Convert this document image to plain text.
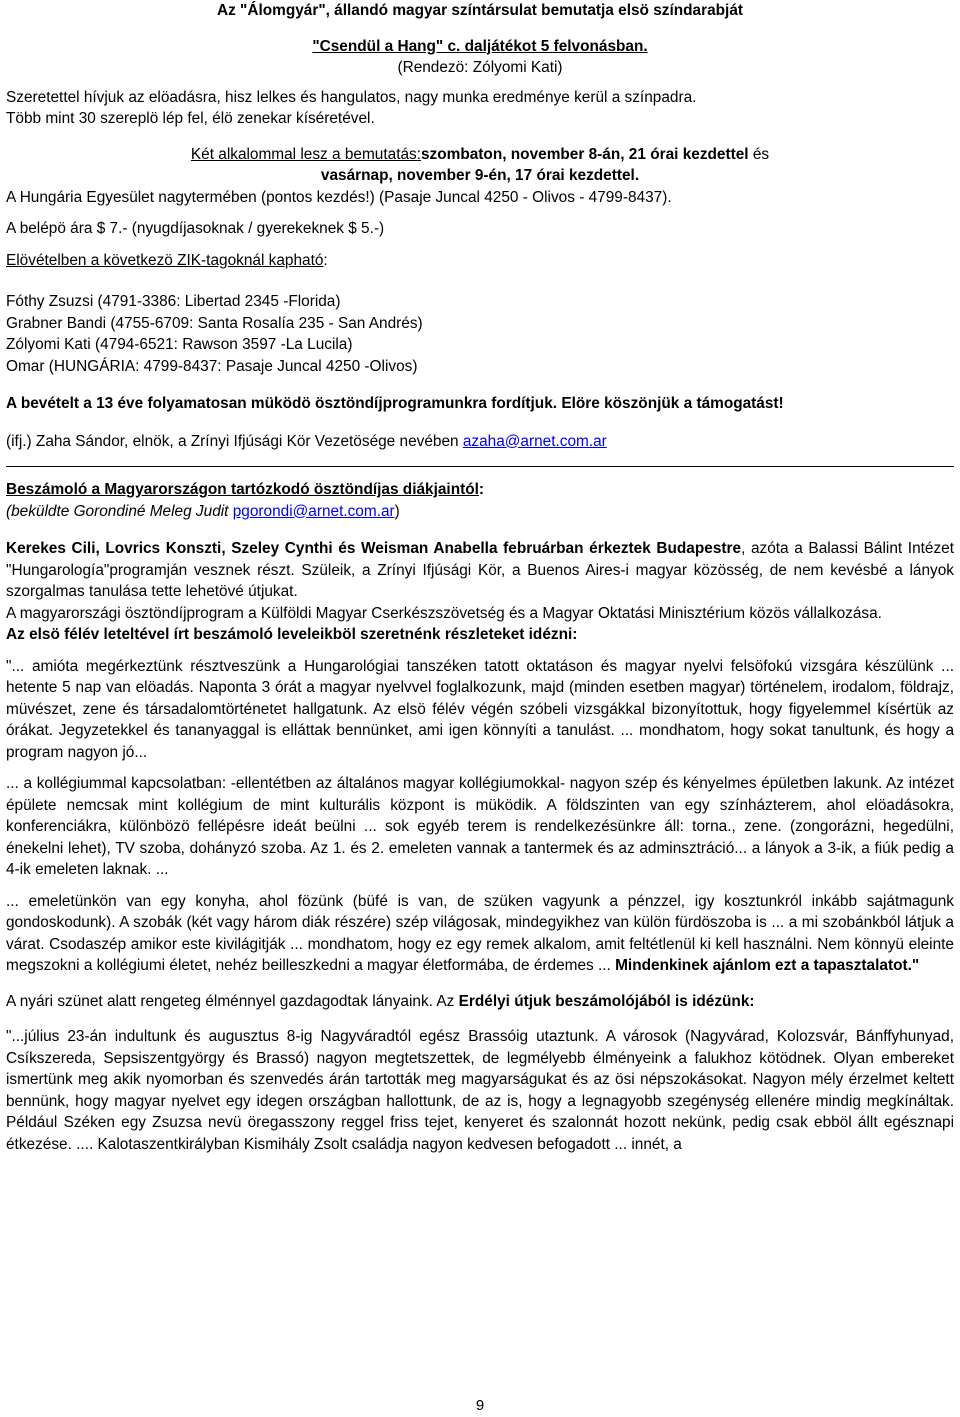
Az "Álomgyár", állandó magyar színtársulat bemutatja elsö színdarabját
"Csendül a Hang" c. daljátékot 5 felvonásban.
(Rendezö: Zólyomi Kati)
Szeretettel hívjuk az elöadásra, hisz lelkes és hangulatos, nagy munka eredménye kerül a színpadra.
Több mint 30 szereplö lép fel, élö zenekar kíséretével.
Két alkalommal lesz a bemutatás:szombaton, november 8-án, 21 órai kezdettel és
vasárnap, november 9-én, 17 órai kezdettel.
A Hungária Egyesület nagytermében (pontos kezdés!) (Pasaje Juncal 4250 - Olivos - 4799-8437).
A belépö ára $ 7.- (nyugdíjasoknak / gyerekeknek $ 5.-)
Elövételben a következö ZIK-tagoknál kapható:
Fóthy Zsuzsi (4791-3386: Libertad 2345 -Florida)
Grabner Bandi (4755-6709: Santa Rosalía 235 - San Andrés)
Zólyomi Kati (4794-6521: Rawson 3597 -La Lucila)
Omar (HUNGÁRIA: 4799-8437: Pasaje Juncal 4250 -Olivos)
A bevételt a 13 éve folyamatosan müködö ösztöndíjprogramunkra fordítjuk. Elöre köszönjük a támogatást!
(ifj.) Zaha Sándor, elnök, a Zrínyi Ifjúsági Kör Vezetösége nevében azaha@arnet.com.ar
Beszámoló a Magyarországon tartózkodó ösztöndíjas diákjaintól:
(beküldte Gorondiné Meleg Judit pgorondi@arnet.com.ar)
Kerekes Cili, Lovrics Konszti, Szeley Cynthi és Weisman Anabella februárban érkeztek Budapestre, azóta a Balassi Bálint Intézet "Hungarología"programján vesznek részt. Szüleik, a Zrínyi Ifjúsági Kör, a Buenos Aires-i magyar közösség, de nem kevésbé a lányok szorgalmas tanulása tette lehetövé útjukat.
A magyarországi ösztöndíjprogram a Külföldi Magyar Cserkészszövetség és a Magyar Oktatási Minisztérium közös vállalkozása.
Az elsö félév leteltével írt beszámoló leveleikböl szeretnénk részleteket idézni:
"... amióta megérkeztünk résztveszünk a Hungarológiai tanszéken tatott oktatáson és magyar nyelvi felsöfokú vizsgára készülünk ... hetente 5 nap van elöadás. Naponta 3 órát a magyar nyelvvel foglalkozunk, majd (minden esetben magyar) történelem, irodalom, földrajz, müvészet, zene és társadalomtörténetet hallgatunk. Az elsö félév végén szóbeli vizsgákkal bizonyítottuk, hogy figyelemmel kísértük az órákat. Jegyzetekkel és tananyaggal is elláttak bennünket, ami igen könnyíti a tanulást. ... mondhatom, hogy sokat tanultunk, és hogy a program nagyon jó...
... a kollégiummal kapcsolatban: -ellentétben az általános magyar kollégiumokkal- nagyon szép és kényelmes épületben lakunk. Az intézet épülete nemcsak mint kollégium de mint kulturális központ is müködik. A földszinten van egy színházterem, ahol elöadásokra, konferenciákra, különbözö fellépésre ideát beülni ... sok egyéb terem is rendelkezésünkre áll: torna., zene. (zongorázni, hegedülni, énekelni lehet), TV szoba, dohányzó szoba. Az 1. és 2. emeleten vannak a tantermek és az adminsztráció... a lányok a 3-ik, a fiúk pedig a 4-ik emeleten laknak. ...
... emeletünkön van egy konyha, ahol fözünk (büfé is van, de szüken vagyunk a pénzzel, igy kosztunkról inkább sajátmagunk gondoskodunk). A szobák (két vagy három diák részére) szép világosak, mindegyikhez van külön fürdöszoba is ... a mi szobánkból látjuk a várat. Csodaszép amikor este kivilágitják ... mondhatom, hogy ez egy remek alkalom, amit feltétlenül ki kell használni. Nem könnyü eleinte megszokni a kollégiumi életet, nehéz beilleszkedni a magyar életformába, de érdemes ... Mindenkinek ajánlom ezt a tapasztalatot."
A nyári szünet alatt rengeteg élménnyel gazdagodtak lányaink. Az Erdélyi útjuk beszámolójából is idézünk:
"...július 23-án indultunk és augusztus 8-ig Nagyváradtól egész Brassóig utaztunk. A városok (Nagyvárad, Kolozsvár, Bánffyhunyad, Csíkszereda, Sepsiszentgyörgy és Brassó) nagyon megtetszettek, de legmélyebb élményeink a falukhoz kötödnek. Olyan embereket ismertünk meg akik nyomorban és szenvedés árán tartották meg magyarságukat és az ösi népszokásokat. Nagyon mély érzelmet keltett bennünk, hogy magyar nyelvet egy idegen országban hallottunk, de az is, hogy a legnagyobb szegénység ellenére mindig megkínáltak. Például Széken egy Zsuzsa nevü öregasszony reggel friss tejet, kenyeret és szalonnát hozott nekünk, pedig csak ebböl állt egésznapi étkezése. .... Kalotaszentkirályban Kismihály Zsolt családja nagyon kedvesen befogadott ... innét, a
9
